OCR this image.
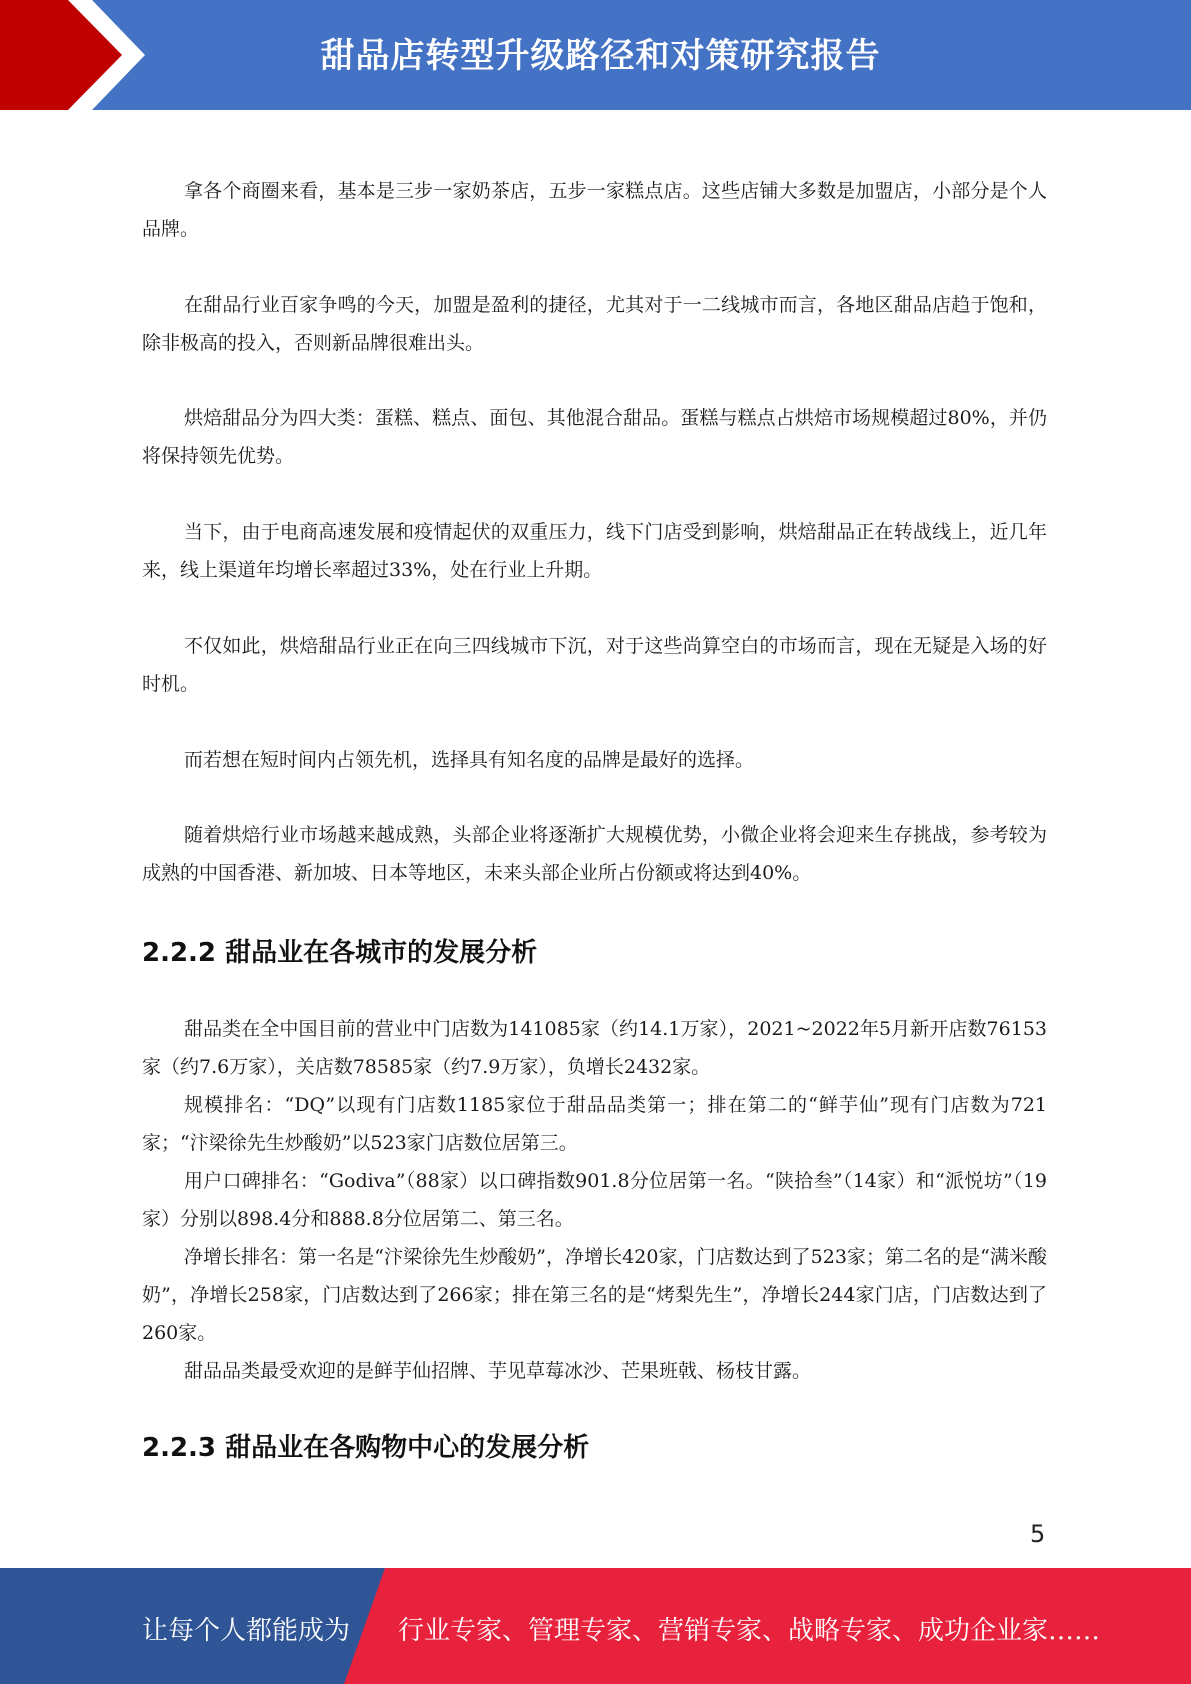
甜品店转型升级路径和对策研究报告

拿各个商圈来看，基本是三步一家奶茶店，五步一家糕点店。这些店铺大多数是加盟店，小部分是个人品牌。

在甜品行业百家争鸣的今天，加盟是盈利的捷径，尤其对于一二线城市而言，各地区甜品店趋于饱和，除非极高的投入，否则新品牌很难出头。

烘焙甜品分为四大类：蛋糕、糕点、面包、其他混合甜品。蛋糕与糕点占烘焙市场规模超过80%，并仍将保持领先优势。

当下，由于电商高速发展和疫情起伏的双重压力，线下门店受到影响，烘焙甜品正在转战线上，近几年来，线上渠道年均增长率超过33%，处在行业上升期。

不仅如此，烘焙甜品行业正在向三四线城市下沉，对于这些尚算空白的市场而言，现在无疑是入场的好时机。

而若想在短时间内占领先机，选择具有知名度的品牌是最好的选择。

随着烘焙行业市场越来越成熟，头部企业将逐渐扩大规模优势，小微企业将会迎来生存挑战，参考较为成熟的中国香港、新加坡、日本等地区，未来头部企业所占份额或将达到40%。

2.2.2 甜品业在各城市的发展分析

甜品类在全中国目前的营业中门店数为141085家（约14.1万家），2021~2022年5月新开店数76153家（约7.6万家），关店数78585家（约7.9万家），负增长2432家。

规模排名：“DQ”以现有门店数1185家位于甜品品类第一；排在第二的“鲜芋仙”现有门店数为721家；“汴梁徐先生炒酸奶”以523家门店数位居第三。

用户口碑排名：“Godiva”（88家）以口碑指数901.8分位居第一名。“陕拾叁”（14家）和“派悦坊”（19家）分别以898.4分和888.8分位居第二、第三名。

净增长排名：第一名是“汴梁徐先生炒酸奶”，净增长420家，门店数达到了523家；第二名的是“满米酸奶”，净增长258家，门店数达到了266家；排在第三名的是“烤梨先生”，净增长244家门店，门店数达到了260家。

甜品品类最受欢迎的是鲜芋仙招牌、芋见草莓冰沙、芒果班戟、杨枝甘露。

2.2.3 甜品业在各购物中心的发展分析
5
让每个人都能成为 行业专家、管理专家、营销专家、战略专家、成功企业家……
